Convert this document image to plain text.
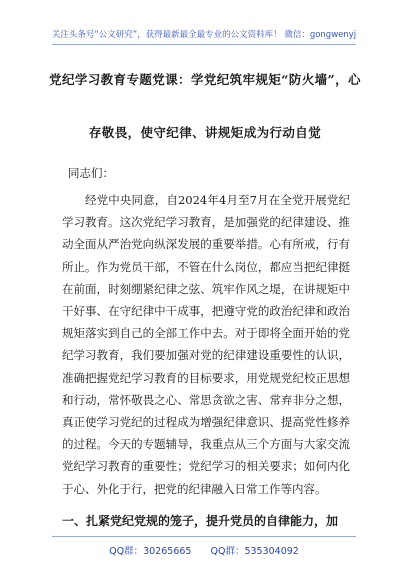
关注头条号“公文研究”，获得最新最全最专业的公文资料库！ 微信：gongwenyj
党纪学习教育专题党课：学党纪筑牢规矩“防火墙”，心
存敬畏，使守纪律、讲规矩成为行动自觉
同志们：

经党中央同意，自2024年4月至7月在全党开展党纪学习教育。这次党纪学习教育，是加强党的纪律建设、推动全面从严治党向纵深发展的重要举措。心有所戒，行有所止。作为党员干部，不管在什么岗位，都应当把纪律挺在前面，时刻绷紧纪律之弦、筑牢作风之堤，在讲规矩中干好事、在守纪律中干成事，把遵守党的政治纪律和政治规矩落实到自己的全部工作中去。对于即将全面开始的党纪学习教育，我们要加强对党的纪律建设重要性的认识，准确把握党纪学习教育的目标要求，用党规党纪校正思想和行动，常怀敬畏之心、常思贪欲之害、常弃非分之想，真正使学习党纪的过程成为增强纪律意识、提高党性修养的过程。今天的专题辅导，我重点从三个方面与大家交流党纪学习教育的重要性；党纪学习的相关要求；如何内化于心、外化于行，把党的纪律融入日常工作等内容。

一、扎紧党纪党规的笼子，提升党员的自律能力，加
QQ群：30265665 QQ群：535304092
